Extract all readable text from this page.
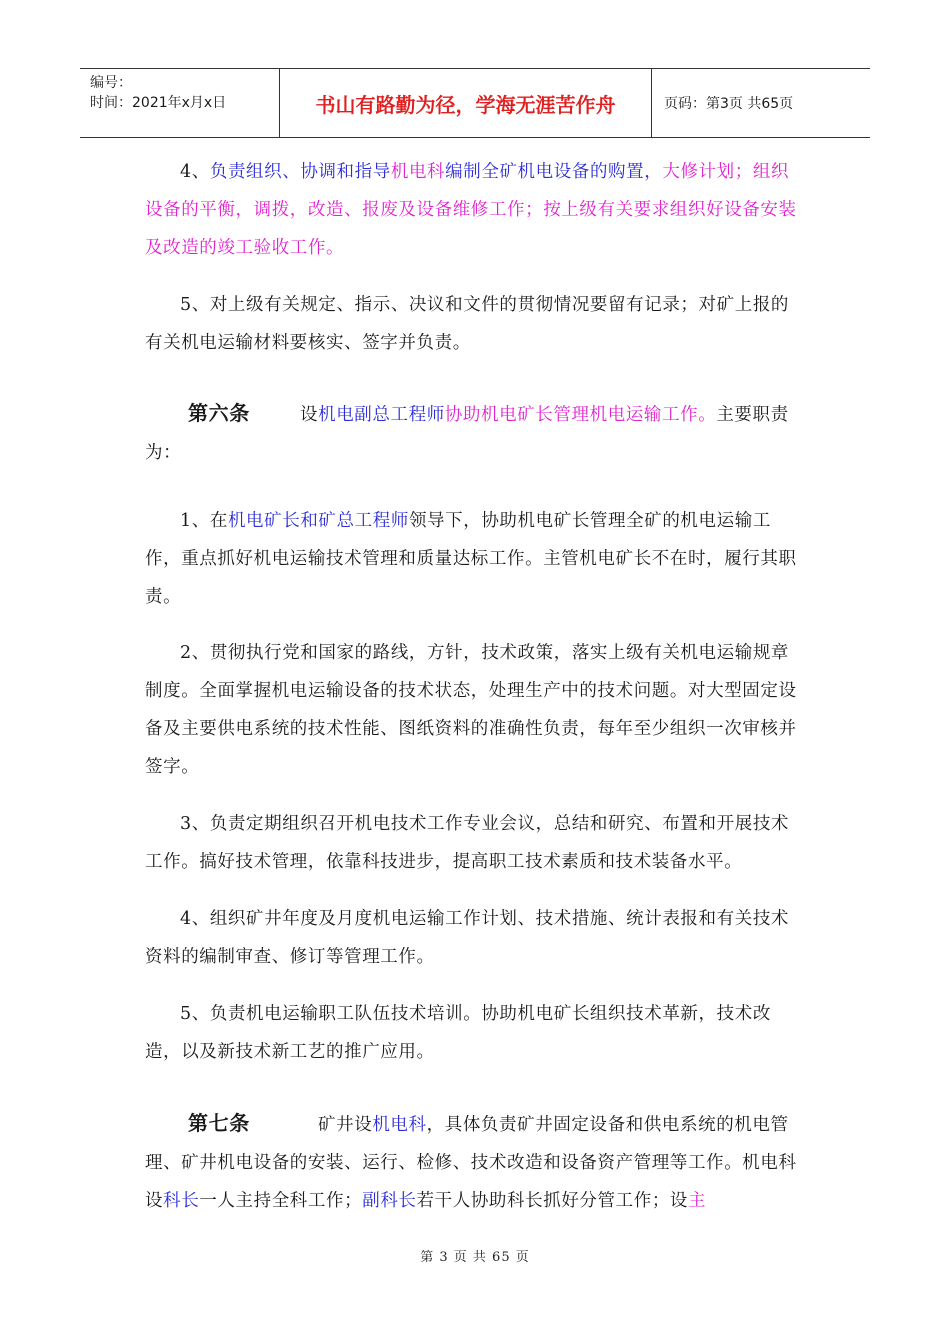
编号：
时间：2021年x月x日	书山有路勤为径，学海无涯苦作舟	页码：第3页 共65页
4、负责组织、协调和指导机电科编制全矿机电设备的购置，大修计划；组织设备的平衡，调拨，改造、报废及设备维修工作；按上级有关要求组织好设备安装及改造的竣工验收工作。
5、对上级有关规定、指示、决议和文件的贯彻情况要留有记录；对矿上报的有关机电运输材料要核实、签字并负责。
第六条	设机电副总工程师协助机电矿长管理机电运输工作。主要职责为：
1、在机电矿长和矿总工程师领导下，协助机电矿长管理全矿的机电运输工作，重点抓好机电运输技术管理和质量达标工作。主管机电矿长不在时，履行其职责。
2、贯彻执行党和国家的路线，方针，技术政策，落实上级有关机电运输规章制度。全面掌握机电运输设备的技术状态，处理生产中的技术问题。对大型固定设备及主要供电系统的技术性能、图纸资料的准确性负责，每年至少组织一次审核并签字。
3、负责定期组织召开机电技术工作专业会议，总结和研究、布置和开展技术工作。搞好技术管理，依靠科技进步，提高职工技术素质和技术装备水平。
4、组织矿井年度及月度机电运输工作计划、技术措施、统计表报和有关技术资料的编制审查、修订等管理工作。
5、负责机电运输职工队伍技术培训。协助机电矿长组织技术革新，技术改造，以及新技术新工艺的推广应用。
第七条	矿井设机电科，具体负责矿井固定设备和供电系统的机电管理、矿井机电设备的安装、运行、检修、技术改造和设备资产管理等工作。机电科设科长一人主持全科工作；副科长若干人协助科长抓好分管工作；设主
第 3 页 共 65 页
